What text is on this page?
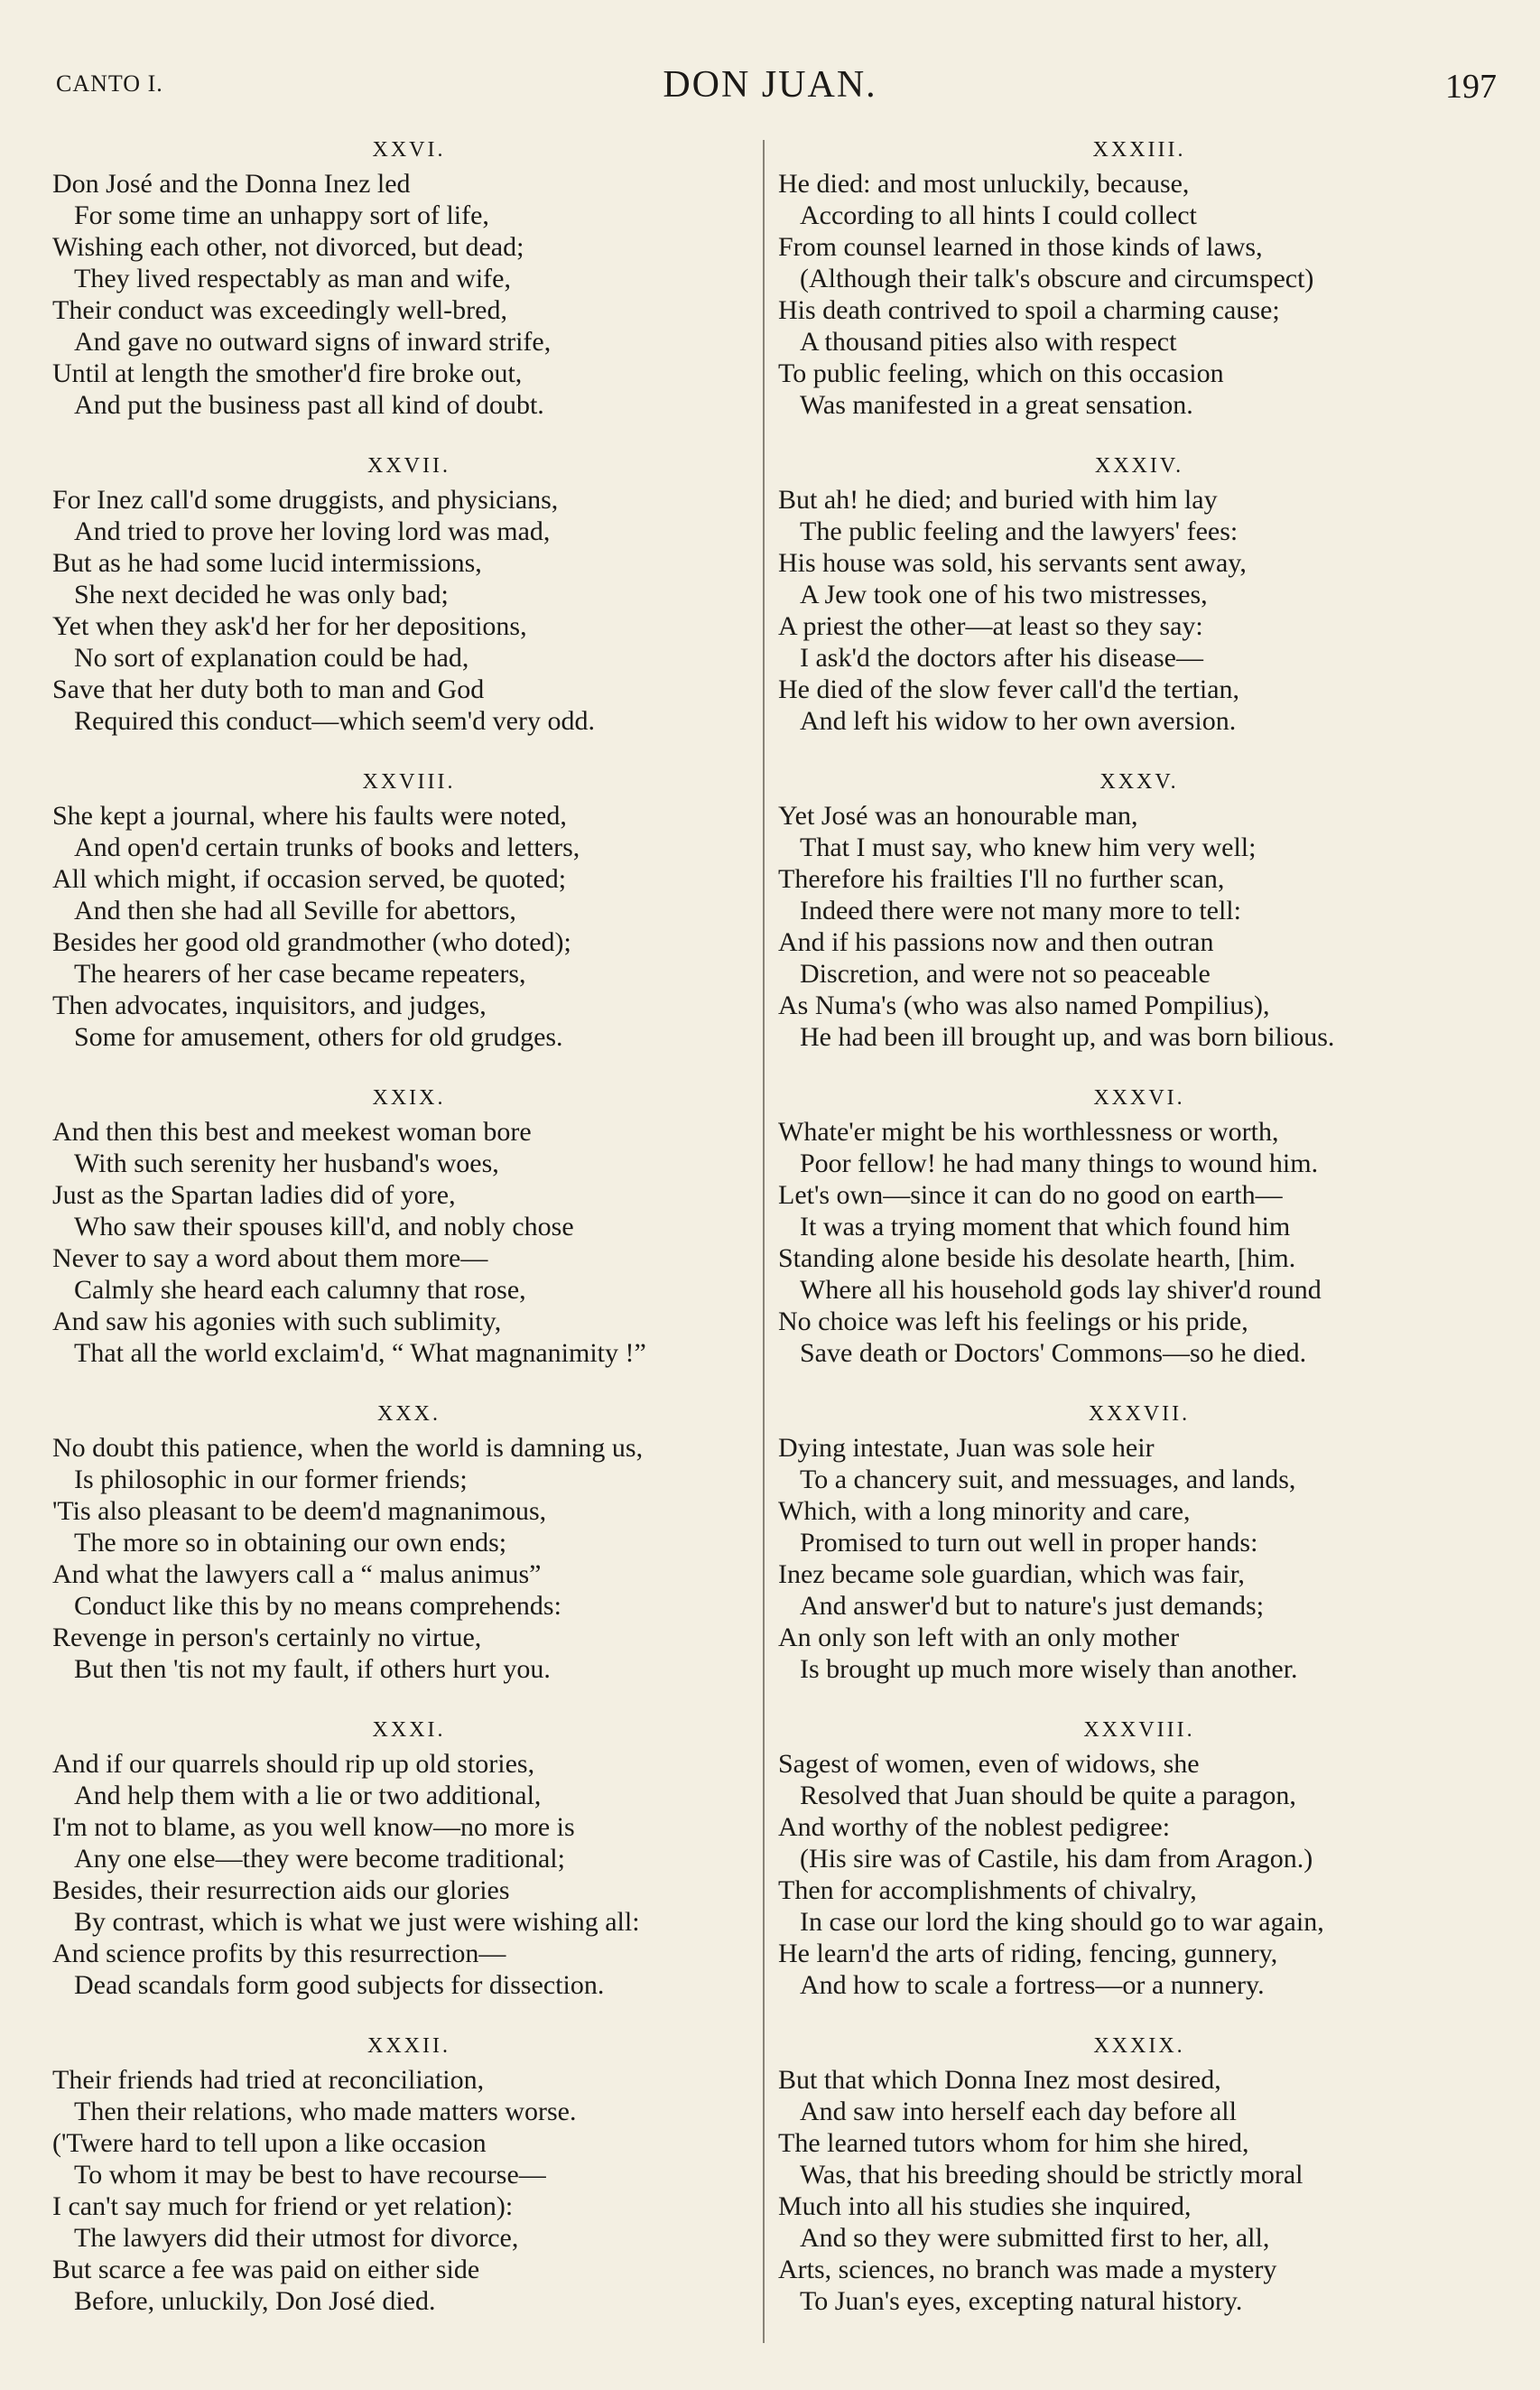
CANTO I.	DON JUAN.	197
XXVI.
Don José and the Donna Inez led
For some time an unhappy sort of life,
Wishing each other, not divorced, but dead;
They lived respectably as man and wife,
Their conduct was exceedingly well-bred,
And gave no outward signs of inward strife,
Until at length the smother'd fire broke out,
And put the business past all kind of doubt.
XXVII.
For Inez call'd some druggists, and physicians,
And tried to prove her loving lord was mad,
But as he had some lucid intermissions,
She next decided he was only bad;
Yet when they ask'd her for her depositions,
No sort of explanation could be had,
Save that her duty both to man and God
Required this conduct—which seem'd very odd.
XXVIII.
She kept a journal, where his faults were noted,
And open'd certain trunks of books and letters,
All which might, if occasion served, be quoted;
And then she had all Seville for abettors,
Besides her good old grandmother (who doted);
The hearers of her case became repeaters,
Then advocates, inquisitors, and judges,
Some for amusement, others for old grudges.
XXIX.
And then this best and meekest woman bore
With such serenity her husband's woes,
Just as the Spartan ladies did of yore,
Who saw their spouses kill'd, and nobly chose
Never to say a word about them more—
Calmly she heard each calumny that rose,
And saw his agonies with such sublimity,
That all the world exclaim'd, “ What magnanimity !”
XXX.
No doubt this patience, when the world is damning us,
Is philosophic in our former friends;
'Tis also pleasant to be deem'd magnanimous,
The more so in obtaining our own ends;
And what the lawyers call a “ malus animus”
Conduct like this by no means comprehends:
Revenge in person's certainly no virtue,
But then 'tis not my fault, if others hurt you.
XXXI.
And if our quarrels should rip up old stories,
And help them with a lie or two additional,
I'm not to blame, as you well know—no more is
Any one else—they were become traditional;
Besides, their resurrection aids our glories
By contrast, which is what we just were wishing all:
And science profits by this resurrection—
Dead scandals form good subjects for dissection.
XXXII.
Their friends had tried at reconciliation,
Then their relations, who made matters worse.
('Twere hard to tell upon a like occasion
To whom it may be best to have recourse—
I can't say much for friend or yet relation):
The lawyers did their utmost for divorce,
But scarce a fee was paid on either side
Before, unluckily, Don José died.
XXXIII.
He died: and most unluckily, because,
According to all hints I could collect
From counsel learned in those kinds of laws,
(Although their talk's obscure and circumspect)
His death contrived to spoil a charming cause;
A thousand pities also with respect
To public feeling, which on this occasion
Was manifested in a great sensation.
XXXIV.
But ah! he died; and buried with him lay
The public feeling and the lawyers' fees:
His house was sold, his servants sent away,
A Jew took one of his two mistresses,
A priest the other—at least so they say:
I ask'd the doctors after his disease—
He died of the slow fever call'd the tertian,
And left his widow to her own aversion.
XXXV.
Yet José was an honourable man,
That I must say, who knew him very well;
Therefore his frailties I'll no further scan,
Indeed there were not many more to tell:
And if his passions now and then outran
Discretion, and were not so peaceable
As Numa's (who was also named Pompilius),
He had been ill brought up, and was born bilious.
XXXVI.
Whate'er might be his worthlessness or worth,
Poor fellow! he had many things to wound him.
Let's own—since it can do no good on earth—
It was a trying moment that which found him
Standing alone beside his desolate hearth, [him.
Where all his household gods lay shiver'd round
No choice was left his feelings or his pride,
Save death or Doctors' Commons—so he died.
XXXVII.
Dying intestate, Juan was sole heir
To a chancery suit, and messuages, and lands,
Which, with a long minority and care,
Promised to turn out well in proper hands:
Inez became sole guardian, which was fair,
And answer'd but to nature's just demands;
An only son left with an only mother
Is brought up much more wisely than another.
XXXVIII.
Sagest of women, even of widows, she
Resolved that Juan should be quite a paragon,
And worthy of the noblest pedigree:
(His sire was of Castile, his dam from Aragon.)
Then for accomplishments of chivalry,
In case our lord the king should go to war again,
He learn'd the arts of riding, fencing, gunnery,
And how to scale a fortress—or a nunnery.
XXXIX.
But that which Donna Inez most desired,
And saw into herself each day before all
The learned tutors whom for him she hired,
Was, that his breeding should be strictly moral
Much into all his studies she inquired,
And so they were submitted first to her, all,
Arts, sciences, no branch was made a mystery
To Juan's eyes, excepting natural history.
